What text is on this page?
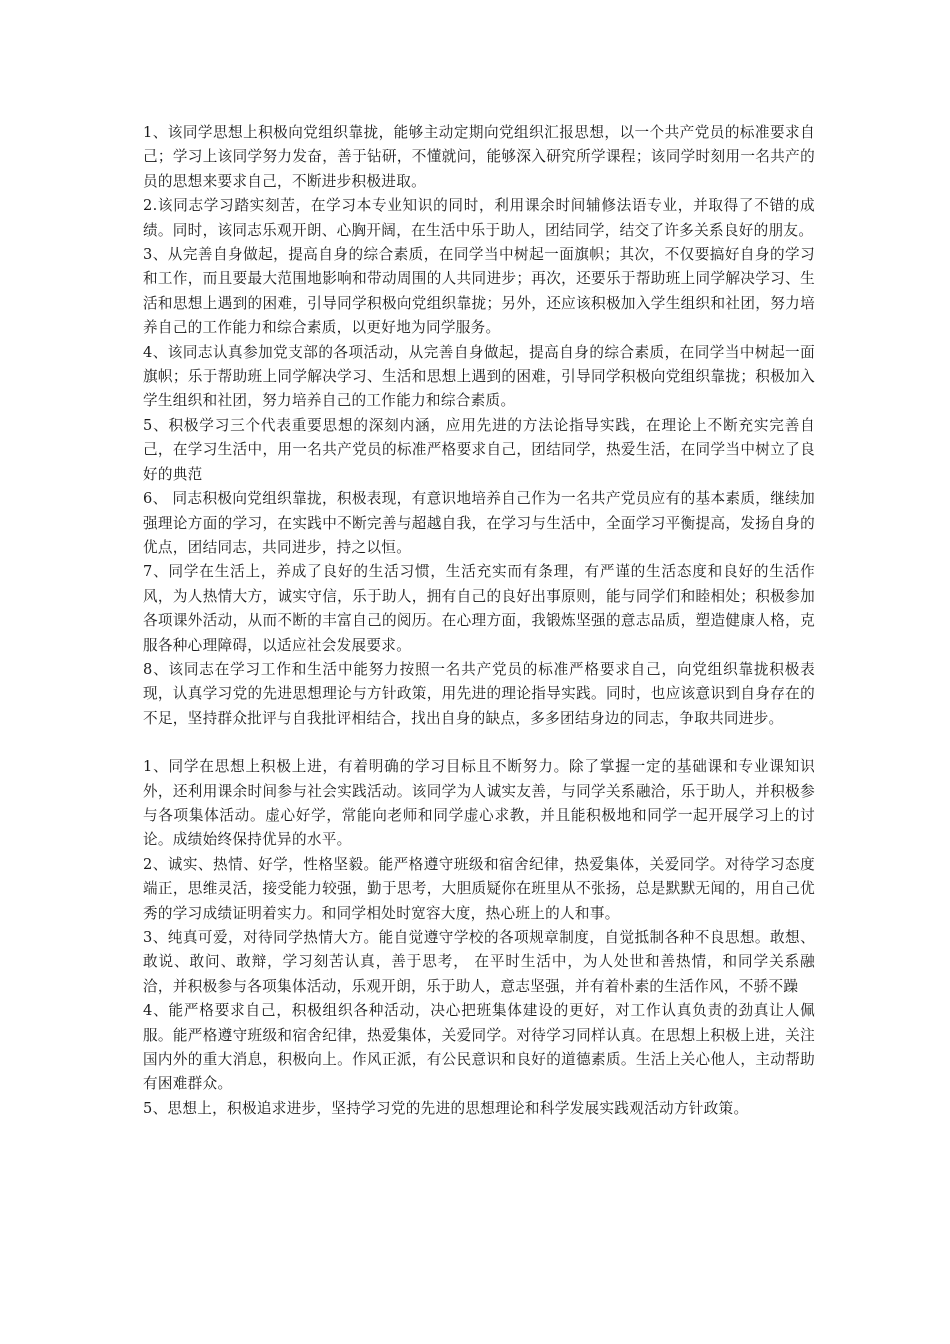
1、该同学思想上积极向党组织靠拢，能够主动定期向党组织汇报思想，以一个共产党员的标准要求自己；学习上该同学努力发奋，善于钻研，不懂就问，能够深入研究所学课程；该同学时刻用一名共产的员的思想来要求自己，不断进步积极进取。

2.该同志学习踏实刻苦，在学习本专业知识的同时，利用课余时间辅修法语专业，并取得了不错的成绩。同时，该同志乐观开朗、心胸开阔，在生活中乐于助人，团结同学，结交了许多关系良好的朋友。

3、从完善自身做起，提高自身的综合素质，在同学当中树起一面旗帜；其次，不仅要搞好自身的学习和工作，而且要最大范围地影响和带动周围的人共同进步；再次，还要乐于帮助班上同学解决学习、生活和思想上遇到的困难，引导同学积极向党组织靠拢；另外，还应该积极加入学生组织和社团，努力培养自己的工作能力和综合素质，以更好地为同学服务。

4、该同志认真参加党支部的各项活动，从完善自身做起，提高自身的综合素质，在同学当中树起一面旗帜；乐于帮助班上同学解决学习、生活和思想上遇到的困难，引导同学积极向党组织靠拢；积极加入学生组织和社团，努力培养自己的工作能力和综合素质。

5、积极学习三个代表重要思想的深刻内涵，应用先进的方法论指导实践，在理论上不断充实完善自己，在学习生活中，用一名共产党员的标准严格要求自己，团结同学，热爱生活，在同学当中树立了良好的典范

6、 同志积极向党组织靠拢，积极表现，有意识地培养自己作为一名共产党员应有的基本素质，继续加强理论方面的学习，在实践中不断完善与超越自我，在学习与生活中，全面学习平衡提高，发扬自身的优点，团结同志，共同进步，持之以恒。

7、同学在生活上，养成了良好的生活习惯，生活充实而有条理，有严谨的生活态度和良好的生活作风，为人热情大方，诚实守信，乐于助人，拥有自己的良好出事原则，能与同学们和睦相处；积极参加各项课外活动，从而不断的丰富自己的阅历。在心理方面，我锻炼坚强的意志品质，塑造健康人格，克服各种心理障碍，以适应社会发展要求。

8、该同志在学习工作和生活中能努力按照一名共产党员的标准严格要求自己，向党组织靠拢积极表现，认真学习党的先进思想理论与方针政策，用先进的理论指导实践。同时，也应该意识到自身存在的不足，坚持群众批评与自我批评相结合，找出自身的缺点，多多团结身边的同志，争取共同进步。

1、同学在思想上积极上进，有着明确的学习目标且不断努力。除了掌握一定的基础课和专业课知识外，还利用课余时间参与社会实践活动。该同学为人诚实友善，与同学关系融洽，乐于助人，并积极参与各项集体活动。虚心好学，常能向老师和同学虚心求教，并且能积极地和同学一起开展学习上的讨论。成绩始终保持优异的水平。

2、诚实、热情、好学，性格坚毅。能严格遵守班级和宿舍纪律，热爱集体，关爱同学。对待学习态度端正，思维灵活，接受能力较强，勤于思考，大胆质疑你在班里从不张扬，总是默默无闻的，用自己优秀的学习成绩证明着实力。和同学相处时宽容大度，热心班上的人和事。

3、纯真可爱，对待同学热情大方。能自觉遵守学校的各项规章制度，自觉抵制各种不良思想。敢想、敢说、敢问、敢辩，学习刻苦认真，善于思考， 在平时生活中，为人处世和善热情，和同学关系融洽，并积极参与各项集体活动，乐观开朗，乐于助人，意志坚强，并有着朴素的生活作风，不骄不躁

4、能严格要求自己，积极组织各种活动，决心把班集体建设的更好，对工作认真负责的劲真让人佩服。能严格遵守班级和宿舍纪律，热爱集体，关爱同学。对待学习同样认真。在思想上积极上进，关注国内外的重大消息，积极向上。作风正派，有公民意识和良好的道德素质。生活上关心他人，主动帮助有困难群众。

5、思想上，积极追求进步，坚持学习党的先进的思想理论和科学发展实践观活动方针政策。
